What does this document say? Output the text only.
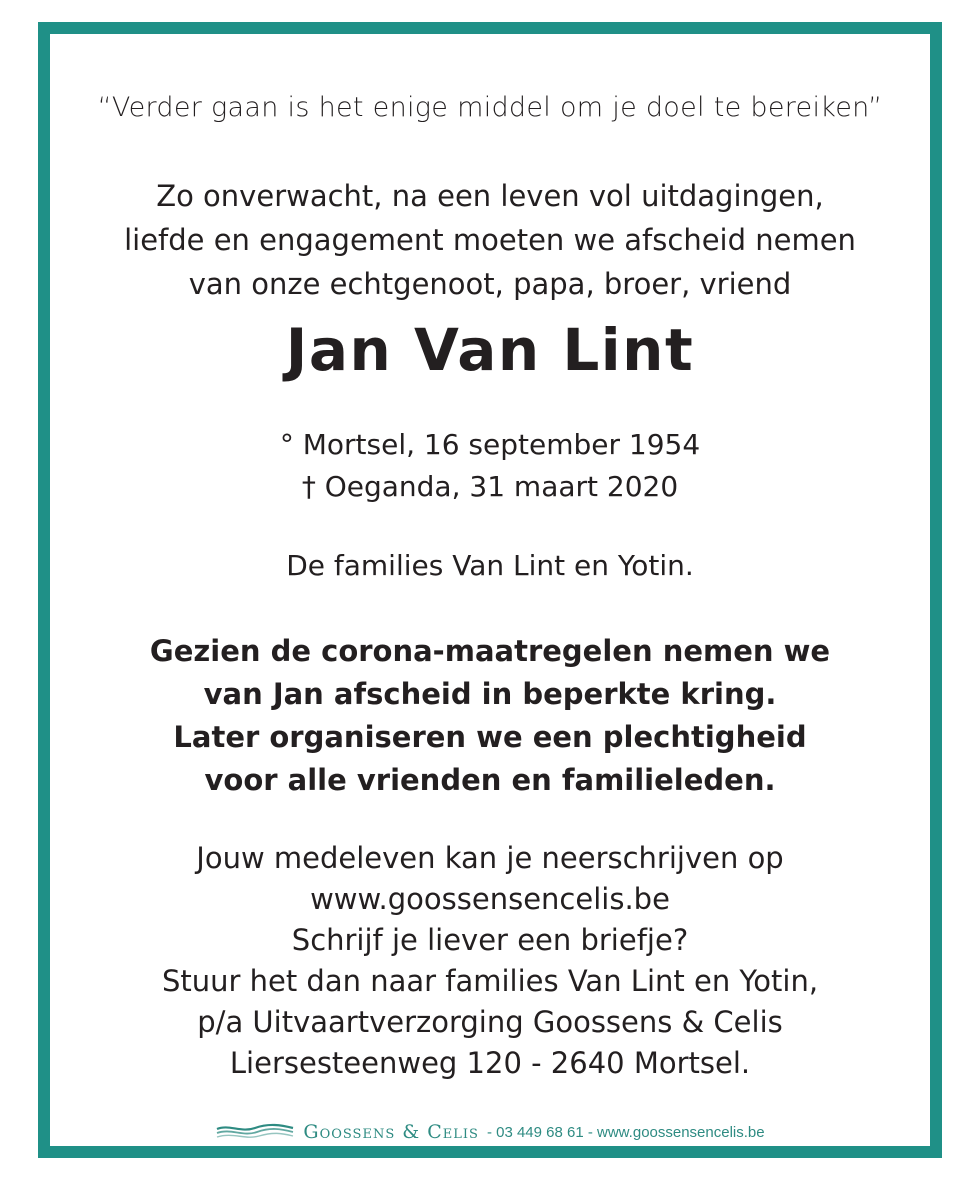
“Verder gaan is het enige middel om je doel te bereiken”
Zo onverwacht, na een leven vol uitdagingen,
liefde en engagement moeten we afscheid nemen
van onze echtgenoot, papa, broer, vriend
Jan Van Lint
° Mortsel, 16 september 1954
† Oeganda, 31 maart 2020
De families Van Lint en Yotin.
Gezien de corona-maatregelen nemen we
van Jan afscheid in beperkte kring.
Later organiseren we een plechtigheid
voor alle vrienden en familieleden.
Jouw medeleven kan je neerschrijven op
www.goossensencelis.be
Schrijf je liever een briefje?
Stuur het dan naar families Van Lint en Yotin,
p/a Uitvaartverzorging Goossens & Celis
Liersesteenweg 120 - 2640 Mortsel.
Goossens & Celis - 03 449 68 61 - www.goossensencelis.be
